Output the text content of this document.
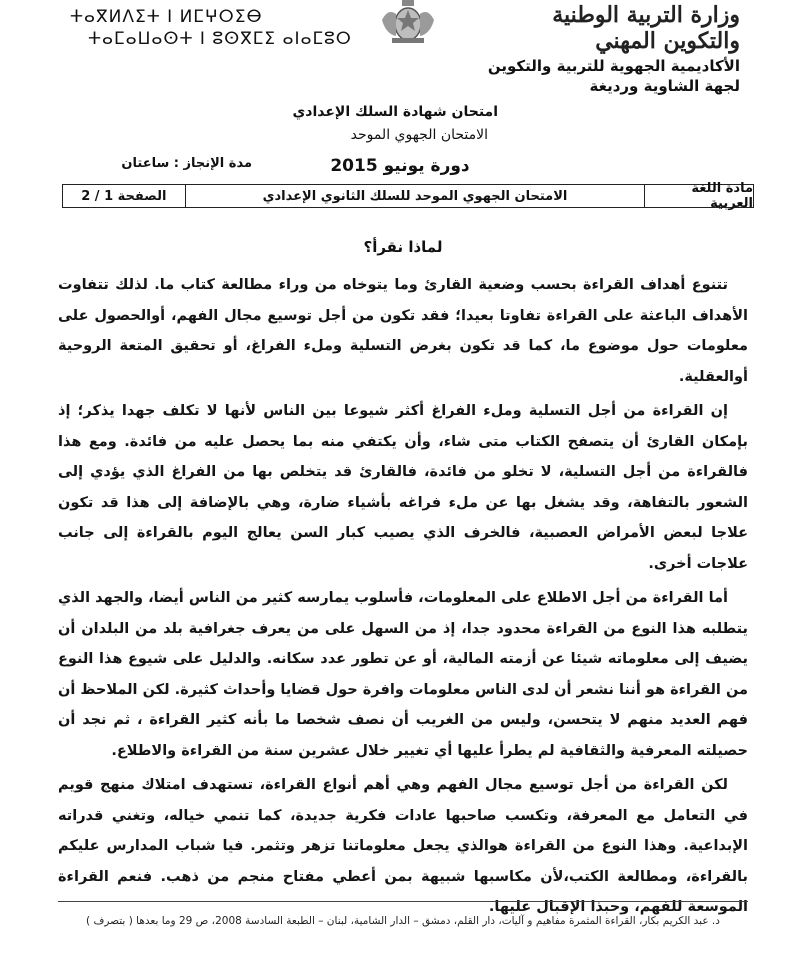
ⵜⴰⴳⵍⴷⵉⵜ ⵏ ⵍⵎⵖⵔⵉⴱ
ⵜⴰⵎⴰⵡⴰⵙⵜ ⵏ ⵓⵙⴳⵎⵉ ⴰⵏⴰⵎⵓⵔ
وزارة التربية الوطنية
والتكوين المهني
الأكاديمية الجهوية للتربية والتكوين
لجهة الشاوية ورديغة
امتحان شهادة السلك الإعدادي
الامتحان الجهوي الموحد
دورة يونيو 2015
مدة الإنجاز : ساعتان
مادة اللغة العربية
الامتحان الجهوي الموحد للسلك الثانوي الإعدادي
الصفحة 1 / 2
لماذا نقرأ؟

تتنوع أهداف القراءة بحسب وضعية القارئ وما يتوخاه من وراء مطالعة كتاب ما. لذلك تتفاوت الأهداف الباعثة على القراءة تفاوتا بعيدا؛ فقد تكون من أجل توسيع مجال الفهم، أوالحصول على معلومات حول موضوع ما، كما قد تكون بغرض التسلية وملء الفراغ، أو تحقيق المتعة الروحية أوالعقلية.

إن القراءة من أجل التسلية وملء الفراغ أكثر شيوعا بين الناس لأنها لا تكلف جهدا يذكر؛ إذ بإمكان القارئ أن يتصفح الكتاب متى شاء، وأن يكتفي منه بما يحصل عليه من فائدة. ومع هذا فالقراءة من أجل التسلية، لا تخلو من فائدة، فالقارئ قد يتخلص بها من الفراغ الذي يؤدي إلى الشعور بالتفاهة، وقد يشغل بها عن ملء فراغه بأشياء ضارة، وهي بالإضافة إلى هذا قد تكون علاجا لبعض الأمراض العصبية، فالخرف الذي يصيب كبار السن يعالج اليوم بالقراءة إلى جانب علاجات أخرى.

أما القراءة من أجل الاطلاع على المعلومات، فأسلوب يمارسه كثير من الناس أيضا، والجهد الذي يتطلبه هذا النوع من القراءة محدود جدا، إذ من السهل على من يعرف جغرافية بلد من البلدان أن يضيف إلى معلوماته شيئا عن أزمته المالية، أو عن تطور عدد سكانه. والدليل على شيوع هذا النوع من القراءة هو أننا نشعر أن لدى الناس معلومات وافرة حول قضايا وأحداث كثيرة. لكن الملاحظ أن فهم العديد منهم لا يتحسن، وليس من الغريب أن نصف شخصا ما بأنه كثير القراءة ، ثم نجد أن حصيلته المعرفية والثقافية لم يطرأ عليها أي تغيير خلال عشرين سنة من القراءة والاطلاع.

لكن القراءة من أجل توسيع مجال الفهم وهي أهم أنواع القراءة، تستهدف امتلاك منهج قويم في التعامل مع المعرفة، وتكسب صاحبها عادات فكرية جديدة، كما تنمي خياله، وتغني قدراته الإبداعية. وهذا النوع من القراءة هوالذي يجعل معلوماتنا تزهر وتثمر. فيا شباب المدارس عليكم بالقراءة، ومطالعة الكتب،لأن مكاسبها شبيهة بمن أعطي مفتاح منجم من ذهب. فنعم القراءة الموسعة للفهم، وحبذا الإقبال عليها.

د. عبد الكريم بكار، القراءة المثمرة مفاهيم و آليات، دار القلم، دمشق – الدار الشامية، لبنان – الطبعة السادسة 2008، ص 29 وما بعدها ( بتصرف )
